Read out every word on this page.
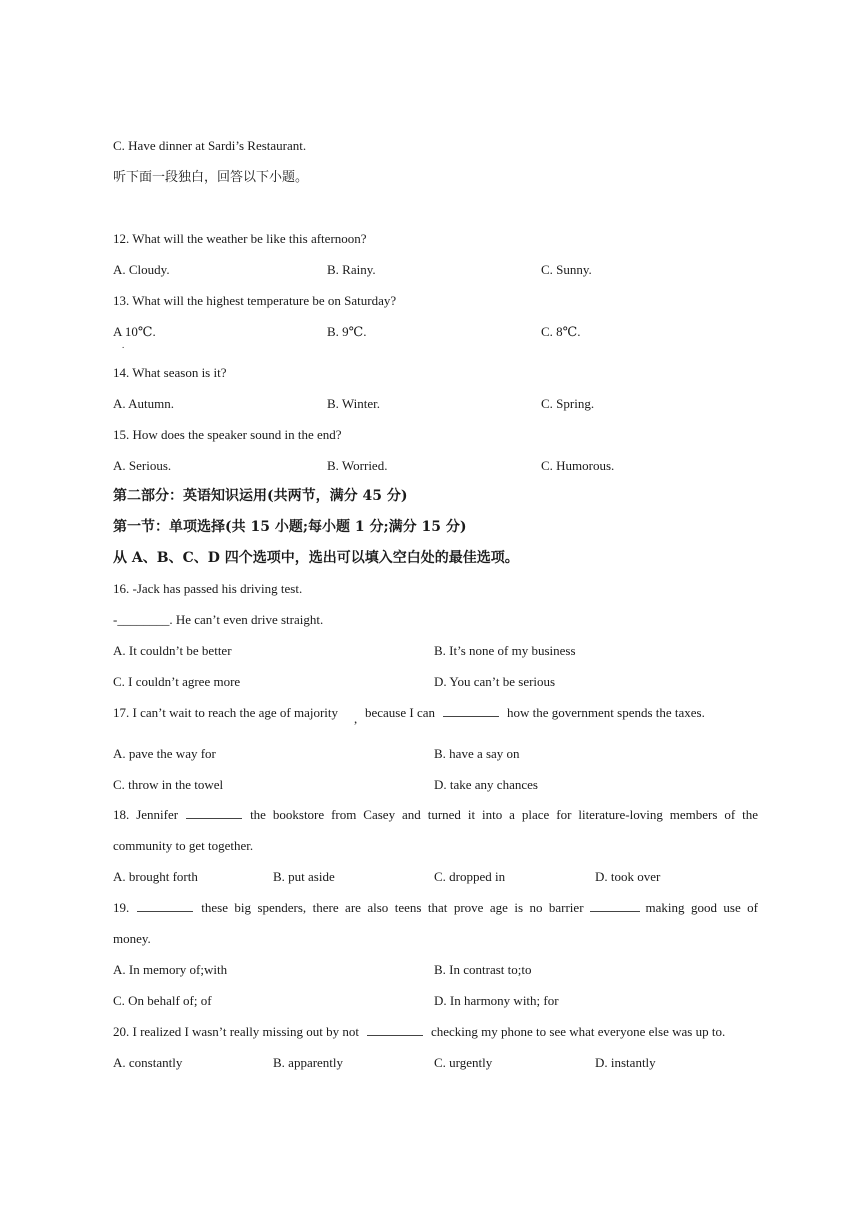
C. Have dinner at Sardi’s Restaurant.
听下面一段独白，回答以下小题。
12. What will the weather be like this afternoon?
A. Cloudy.	B. Rainy.	C. Sunny.
13. What will the highest temperature be on Saturday?
A 10℃.
.
B. 9℃.	C. 8℃.
14. What season is it?
A. Autumn.	B. Winter.	C. Spring.
15. How does the speaker sound in the end?
A. Serious.	B. Worried.	C. Humorous.
第二部分：英语知识运用(共两节，满分 45 分)
第一节：单项选择(共 15 小题;每小题 1 分;满分 15 分)
从 A、B、C、D 四个选项中，选出可以填入空白处的最佳选项。
16. -Jack has passed his driving test.
-________. He can’t even drive straight.
A. It couldn’t be better	B. It’s none of my business
C. I couldn’t agree more	D. You can’t be serious
17. I can’t wait to reach the age of majority , because I can	how the government spends the taxes.
A. pave the way for	B. have a say on
C. throw in the towel	D. take any chances
18. Jennifer	the bookstore from Casey and turned it into a place for literature-loving members of the
community to get together.
A. brought forth	B. put aside	C. dropped in	D. took over
19.	these big spenders, there are also teens that prove age is no barrier	making good use of
money.
A. In memory of;with	B. In contrast to;to
C. On behalf of; of	D. In harmony with; for
20. I realized I wasn’t really missing out by not	checking my phone to see what everyone else was up to.
A. constantly	B. apparently	C. urgently	D. instantly
